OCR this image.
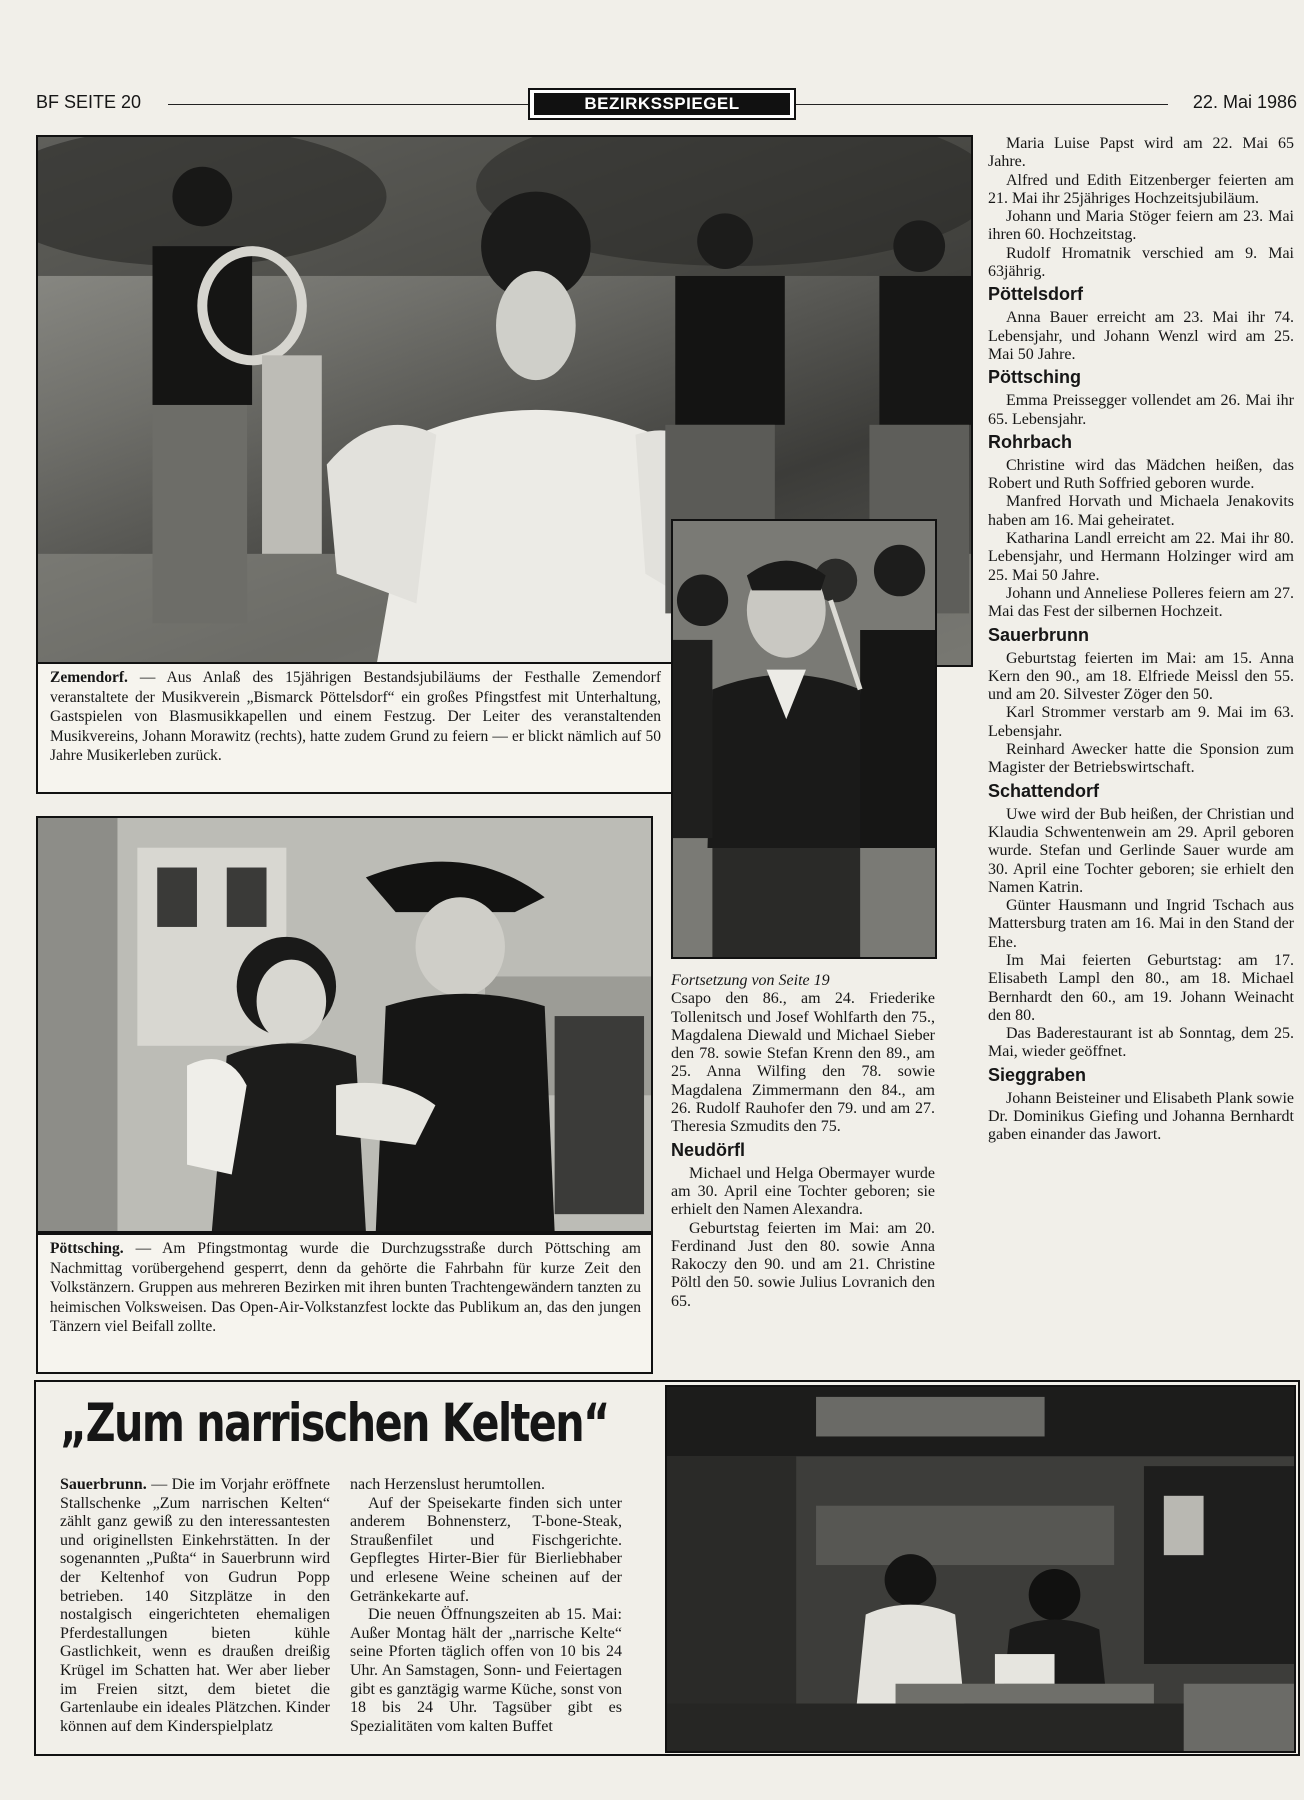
BF SEITE 20	BEZIRKSSPIEGEL	22. Mai 1986
Zemendorf. — Aus Anlaß des 15jährigen Bestandsjubiläums der Festhalle Zemendorf veranstaltete der Musikverein „Bismarck Pöttelsdorf“ ein großes Pfingstfest mit Unterhaltung, Gastspielen von Blasmusikkapellen und einem Festzug. Der Leiter des veranstaltenden Musikvereins, Johann Morawitz (rechts), hatte zudem Grund zu feiern — er blickt nämlich auf 50 Jahre Musikerleben zurück.
Pöttsching. — Am Pfingstmontag wurde die Durchzugsstraße durch Pöttsching am Nachmittag vorübergehend gesperrt, denn da gehörte die Fahrbahn für kurze Zeit den Volkstänzern. Gruppen aus mehreren Bezirken mit ihren bunten Trachtengewändern tanzten zu heimischen Volksweisen. Das Open-Air-Volkstanzfest lockte das Publikum an, das den jungen Tänzern viel Beifall zollte.

Fortsetzung von Seite 19

Csapo den 86., am 24. Friederike Tollenitsch und Josef Wohlfarth den 75., Magdalena Diewald und Michael Sieber den 78. sowie Stefan Krenn den 89., am 25. Anna Wilfing den 78. sowie Magdalena Zimmermann den 84., am 26. Rudolf Rauhofer den 79. und am 27. Theresia Szmudits den 75.

Neudörfl

Michael und Helga Obermayer wurde am 30. April eine Tochter geboren; sie erhielt den Namen Alexandra.

Geburtstag feierten im Mai: am 20. Ferdinand Just den 80. sowie Anna Rakoczy den 90. und am 21. Christine Pöltl den 50. sowie Julius Lovranich den 65.

Maria Luise Papst wird am 22. Mai 65 Jahre.

Alfred und Edith Eitzenberger feierten am 21. Mai ihr 25jähriges Hochzeitsjubiläum.

Johann und Maria Stöger feiern am 23. Mai ihren 60. Hochzeitstag.

Rudolf Hromatnik verschied am 9. Mai 63jährig.

Pöttelsdorf

Anna Bauer erreicht am 23. Mai ihr 74. Lebensjahr, und Johann Wenzl wird am 25. Mai 50 Jahre.

Pöttsching

Emma Preissegger vollendet am 26. Mai ihr 65. Lebensjahr.

Rohrbach

Christine wird das Mädchen heißen, das Robert und Ruth Soffried geboren wurde.

Manfred Horvath und Michaela Jenakovits haben am 16. Mai geheiratet.

Katharina Landl erreicht am 22. Mai ihr 80. Lebensjahr, und Hermann Holzinger wird am 25. Mai 50 Jahre.

Johann und Anneliese Polleres feiern am 27. Mai das Fest der silbernen Hochzeit.

Sauerbrunn

Geburtstag feierten im Mai: am 15. Anna Kern den 90., am 18. Elfriede Meissl den 55. und am 20. Silvester Zöger den 50.

Karl Strommer verstarb am 9. Mai im 63. Lebensjahr.

Reinhard Awecker hatte die Sponsion zum Magister der Betriebswirtschaft.

Schattendorf

Uwe wird der Bub heißen, der Christian und Klaudia Schwentenwein am 29. April geboren wurde. Stefan und Gerlinde Sauer wurde am 30. April eine Tochter geboren; sie erhielt den Namen Katrin.

Günter Hausmann und Ingrid Tschach aus Mattersburg traten am 16. Mai in den Stand der Ehe.

Im Mai feierten Geburtstag: am 17. Elisabeth Lampl den 80., am 18. Michael Bernhardt den 60., am 19. Johann Weinacht den 80.

Das Baderestaurant ist ab Sonntag, dem 25. Mai, wieder geöffnet.

Sieggraben

Johann Beisteiner und Elisabeth Plank sowie Dr. Dominikus Giefing und Johanna Bernhardt gaben einander das Jawort.

„Zum narrischen Kelten“

Sauerbrunn. — Die im Vorjahr eröffnete Stallschenke „Zum narrischen Kelten“ zählt ganz gewiß zu den interessantesten und originellsten Einkehrstätten. In der sogenannten „Pußta“ in Sauerbrunn wird der Keltenhof von Gudrun Popp betrieben. 140 Sitzplätze in den nostalgisch eingerichteten ehemaligen Pferdestallungen bieten kühle Gastlichkeit, wenn es draußen dreißig Krügel im Schatten hat. Wer aber lieber im Freien sitzt, dem bietet die Gartenlaube ein ideales Plätzchen. Kinder können auf dem Kinderspielplatz

nach Herzenslust herumtollen.

Auf der Speisekarte finden sich unter anderem Bohnensterz, T-bone-Steak, Straußenfilet und Fischgerichte. Gepflegtes Hirter-Bier für Bierliebhaber und erlesene Weine scheinen auf der Getränkekarte auf.

Die neuen Öffnungszeiten ab 15. Mai: Außer Montag hält der „narrische Kelte“ seine Pforten täglich offen von 10 bis 24 Uhr. An Samstagen, Sonn- und Feiertagen gibt es ganztägig warme Küche, sonst von 18 bis 24 Uhr. Tagsüber gibt es Spezialitäten vom kalten Buffet
